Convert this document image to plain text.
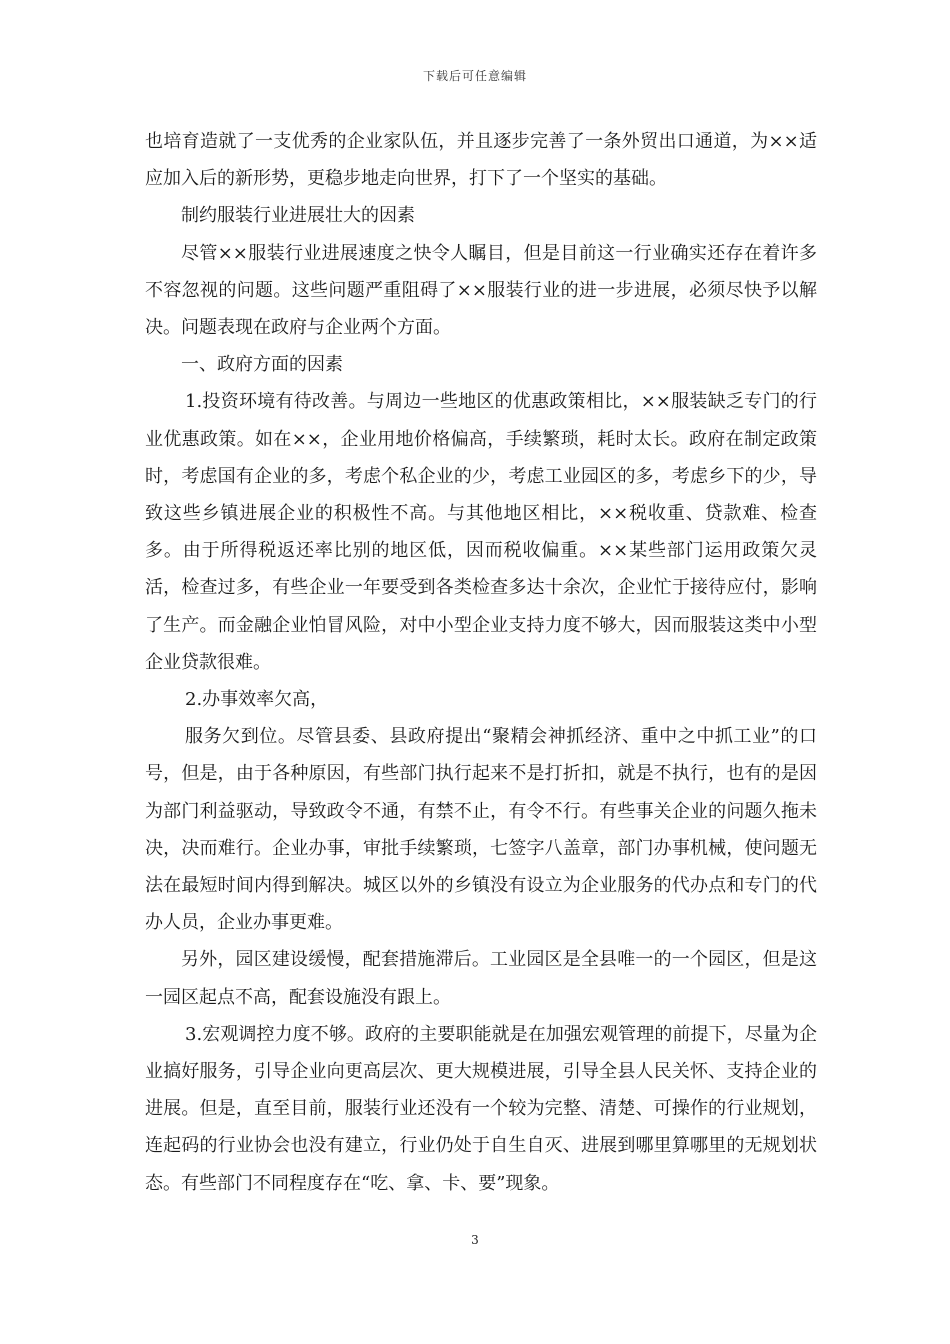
下载后可任意编辑

也培育造就了一支优秀的企业家队伍，并且逐步完善了一条外贸出口通道，为××适应加入后的新形势，更稳步地走向世界，打下了一个坚实的基础。

制约服装行业进展壮大的因素

尽管××服装行业进展速度之快令人瞩目，但是目前这一行业确实还存在着许多不容忽视的问题。这些问题严重阻碍了××服装行业的进一步进展，必须尽快予以解决。问题表现在政府与企业两个方面。

一、政府方面的因素

1.投资环境有待改善。与周边一些地区的优惠政策相比，××服装缺乏专门的行业优惠政策。如在××，企业用地价格偏高，手续繁琐，耗时太长。政府在制定政策时，考虑国有企业的多，考虑个私企业的少，考虑工业园区的多，考虑乡下的少，导致这些乡镇进展企业的积极性不高。与其他地区相比，××税收重、贷款难、检查多。由于所得税返还率比别的地区低，因而税收偏重。××某些部门运用政策欠灵活，检查过多，有些企业一年要受到各类检查多达十余次，企业忙于接待应付，影响了生产。而金融企业怕冒风险，对中小型企业支持力度不够大，因而服装这类中小型企业贷款很难。

2.办事效率欠高，

服务欠到位。尽管县委、县政府提出“聚精会神抓经济、重中之中抓工业”的口号，但是，由于各种原因，有些部门执行起来不是打折扣，就是不执行，也有的是因为部门利益驱动，导致政令不通，有禁不止，有令不行。有些事关企业的问题久拖未决，决而难行。企业办事，审批手续繁琐，七签字八盖章，部门办事机械，使问题无法在最短时间内得到解决。城区以外的乡镇没有设立为企业服务的代办点和专门的代办人员，企业办事更难。

另外，园区建设缓慢，配套措施滞后。工业园区是全县唯一的一个园区，但是这一园区起点不高，配套设施没有跟上。

3.宏观调控力度不够。政府的主要职能就是在加强宏观管理的前提下，尽量为企业搞好服务，引导企业向更高层次、更大规模进展，引导全县人民关怀、支持企业的进展。但是，直至目前，服装行业还没有一个较为完整、清楚、可操作的行业规划，连起码的行业协会也没有建立，行业仍处于自生自灭、进展到哪里算哪里的无规划状态。有些部门不同程度存在“吃、拿、卡、要”现象。

3
